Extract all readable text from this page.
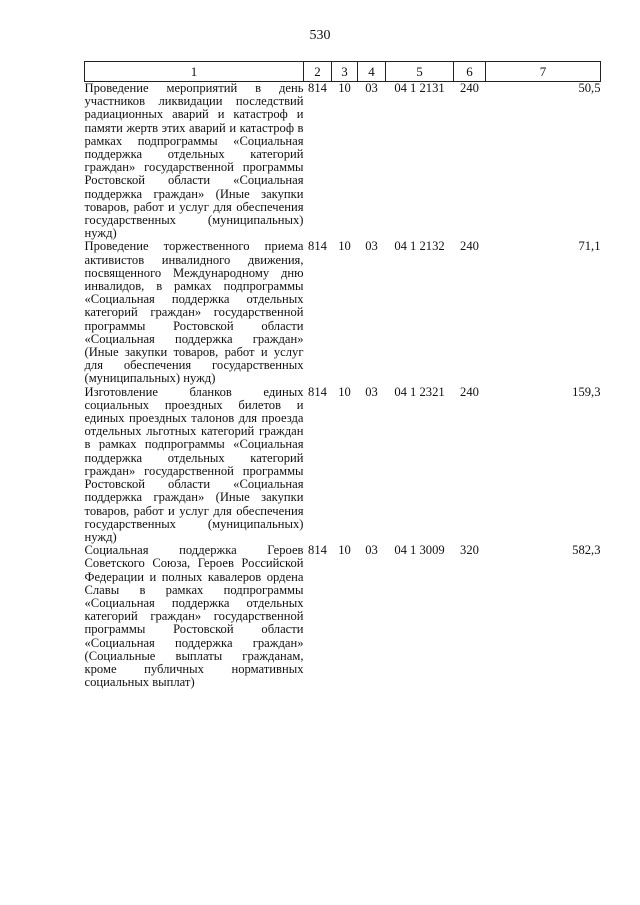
530
1	2	3	4	5	6	7
Проведение мероприятий в день участников ликвидации последствий радиационных аварий и катастроф и памяти жертв этих аварий и катастроф в рамках подпрограммы «Социальная поддержка отдельных категорий граждан» государственной программы Ростовской области «Социальная поддержка граждан» (Иные закупки товаров, работ и услуг для обеспечения государственных (муниципальных) нужд)	814	10	03	04 1 2131	240	50,5
Проведение торжественного приема активистов инвалидного движения, посвященного Международному дню инвалидов, в рамках подпрограммы «Социальная поддержка отдельных категорий граждан» государственной программы Ростовской области «Социальная поддержка граждан» (Иные закупки товаров, работ и услуг для обеспечения государственных (муниципальных) нужд)	814	10	03	04 1 2132	240	71,1
Изготовление бланков единых социальных проездных билетов и единых проездных талонов для проезда отдельных льготных категорий граждан в рамках подпрограммы «Социальная поддержка отдельных категорий граждан» государственной программы Ростовской области «Социальная поддержка граждан» (Иные закупки товаров, работ и услуг для обеспечения государственных (муниципальных) нужд)	814	10	03	04 1 2321	240	159,3
Социальная поддержка Героев Советского Союза, Героев Российской Федерации и полных кавалеров ордена Славы в рамках подпрограммы «Социальная поддержка отдельных категорий граждан» государственной программы Ростовской области «Социальная поддержка граждан» (Социальные выплаты гражданам, кроме публичных нормативных социальных выплат)	814	10	03	04 1 3009	320	582,3
